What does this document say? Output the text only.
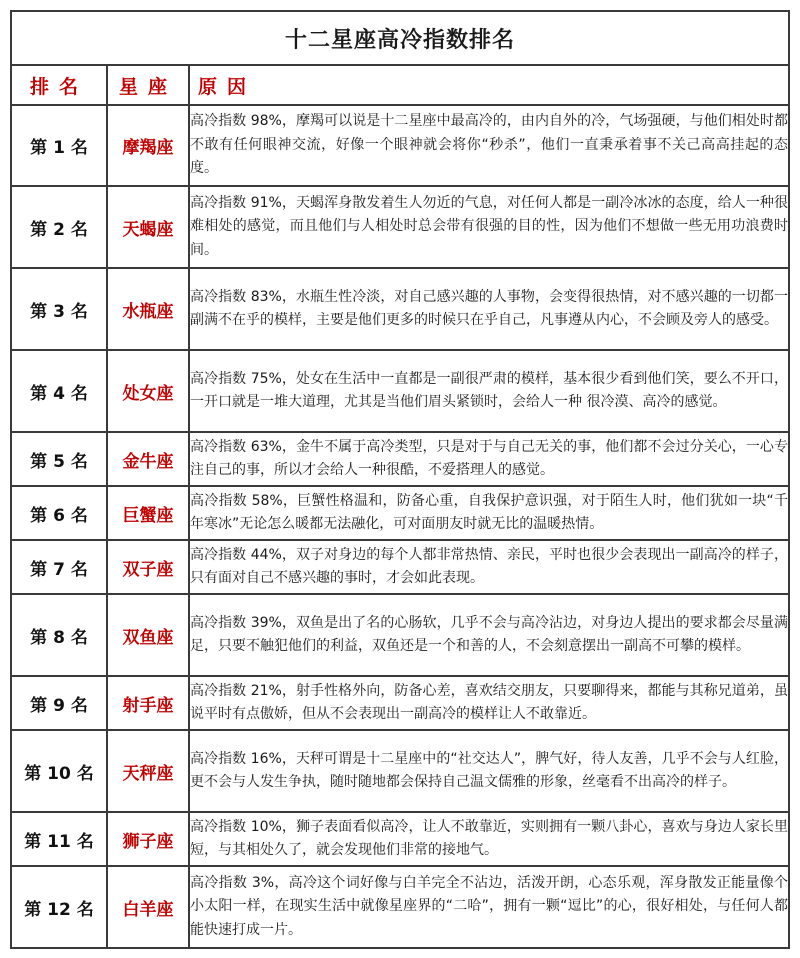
十二星座高冷指数排名		
排名	星座	原因
第 1 名	摩羯座	高冷指数 98%，摩羯可以说是十二星座中最高冷的，由内自外的冷，气场强硬，与他们相处时都不敢有任何眼神交流，好像一个眼神就会将你“秒杀”，他们一直秉承着事不关己高高挂起的态度。
第 2 名	天蝎座	高冷指数 91%，天蝎浑身散发着生人勿近的气息，对任何人都是一副冷冰冰的态度，给人一种很难相处的感觉，而且他们与人相处时总会带有很强的目的性，因为他们不想做一些无用功浪费时间。
第 3 名	水瓶座	高冷指数 83%，水瓶生性冷淡，对自己感兴趣的人事物，会变得很热情，对不感兴趣的一切都一副满不在乎的模样，主要是他们更多的时候只在乎自己，凡事遵从内心，不会顾及旁人的感受。
第 4 名	处女座	高冷指数 75%，处女在生活中一直都是一副很严肃的模样，基本很少看到他们笑，要么不开口，一开口就是一堆大道理，尤其是当他们眉头紧锁时，会给人一种 很冷漠、高冷的感觉。
第 5 名	金牛座	高冷指数 63%，金牛不属于高冷类型，只是对于与自己无关的事，他们都不会过分关心，一心专注自己的事，所以才会给人一种很酷，不爱搭理人的感觉。
第 6 名	巨蟹座	高冷指数 58%，巨蟹性格温和，防备心重，自我保护意识强，对于陌生人时，他们犹如一块“千年寒冰”无论怎么暖都无法融化，可对面朋友时就无比的温暖热情。
第 7 名	双子座	高冷指数 44%，双子对身边的每个人都非常热情、亲民，平时也很少会表现出一副高冷的样子，只有面对自己不感兴趣的事时，才会如此表现。
第 8 名	双鱼座	高冷指数 39%，双鱼是出了名的心肠软，几乎不会与高冷沾边，对身边人提出的要求都会尽量满足，只要不触犯他们的利益，双鱼还是一个和善的人，不会刻意摆出一副高不可攀的模样。
第 9 名	射手座	高冷指数 21%，射手性格外向，防备心差，喜欢结交朋友，只要聊得来，都能与其称兄道弟，虽说平时有点傲娇，但从不会表现出一副高冷的模样让人不敢靠近。
第 10 名	天秤座	高冷指数 16%，天秤可谓是十二星座中的“社交达人”，脾气好，待人友善，几乎不会与人红脸，更不会与人发生争执，随时随地都会保持自己温文儒雅的形象，丝毫看不出高冷的样子。
第 11 名	狮子座	高冷指数 10%，狮子表面看似高冷，让人不敢靠近，实则拥有一颗八卦心，喜欢与身边人家长里短，与其相处久了，就会发现他们非常的接地气。
第 12 名	白羊座	高冷指数 3%，高冷这个词好像与白羊完全不沾边，活泼开朗，心态乐观，浑身散发正能量像个小太阳一样，在现实生活中就像星座界的“二哈”，拥有一颗“逗比”的心，很好相处，与任何人都能快速打成一片。
